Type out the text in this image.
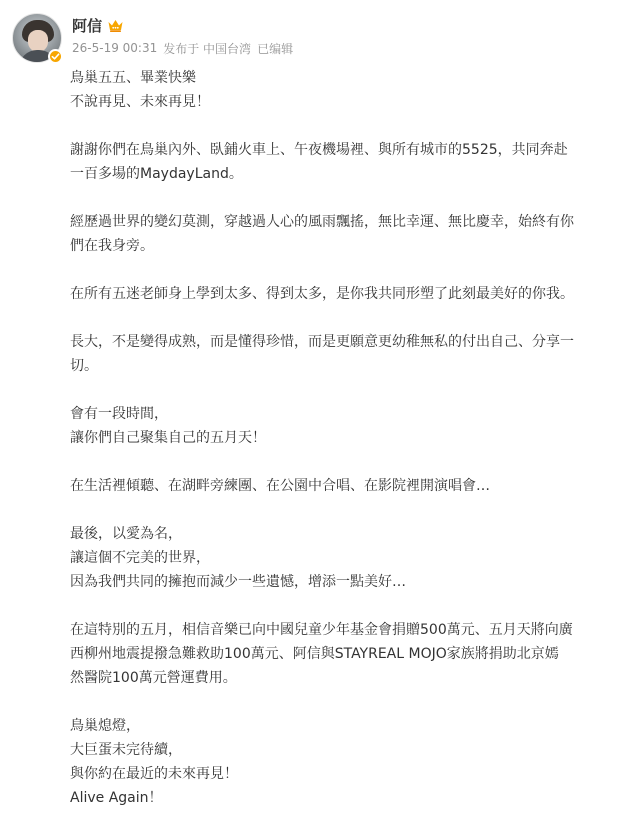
阿信
26-5-19 00:31 发布于 中国台湾 已编辑
鳥巢五五、畢業快樂
不說再見、未來再見！
謝謝你們在鳥巢內外、臥鋪火車上、午夜機場裡、與所有城市的5525，共同奔赴
一百多場的MaydayLand。
經歷過世界的變幻莫測，穿越過人心的風雨飄搖，無比幸運、無比慶幸，始終有你
們在我身旁。
在所有五迷老師身上學到太多、得到太多，是你我共同形塑了此刻最美好的你我。
長大，不是變得成熟，而是懂得珍惜，而是更願意更幼稚無私的付出自己、分享一
切。
會有一段時間，
讓你們自己聚集自己的五月天！
在生活裡傾聽、在湖畔旁練團、在公園中合唱、在影院裡開演唱會…
最後，以愛為名，
讓這個不完美的世界，
因為我們共同的擁抱而減少一些遺憾，增添一點美好…
在這特別的五月，相信音樂已向中國兒童少年基金會捐贈500萬元、五月天將向廣
西柳州地震提撥急難救助100萬元、阿信與STAYREAL MOJO家族將捐助北京嫣
然醫院100萬元營運費用。
鳥巢熄燈，
大巨蛋未完待續，
與你約在最近的未來再見！
Alive Again！
